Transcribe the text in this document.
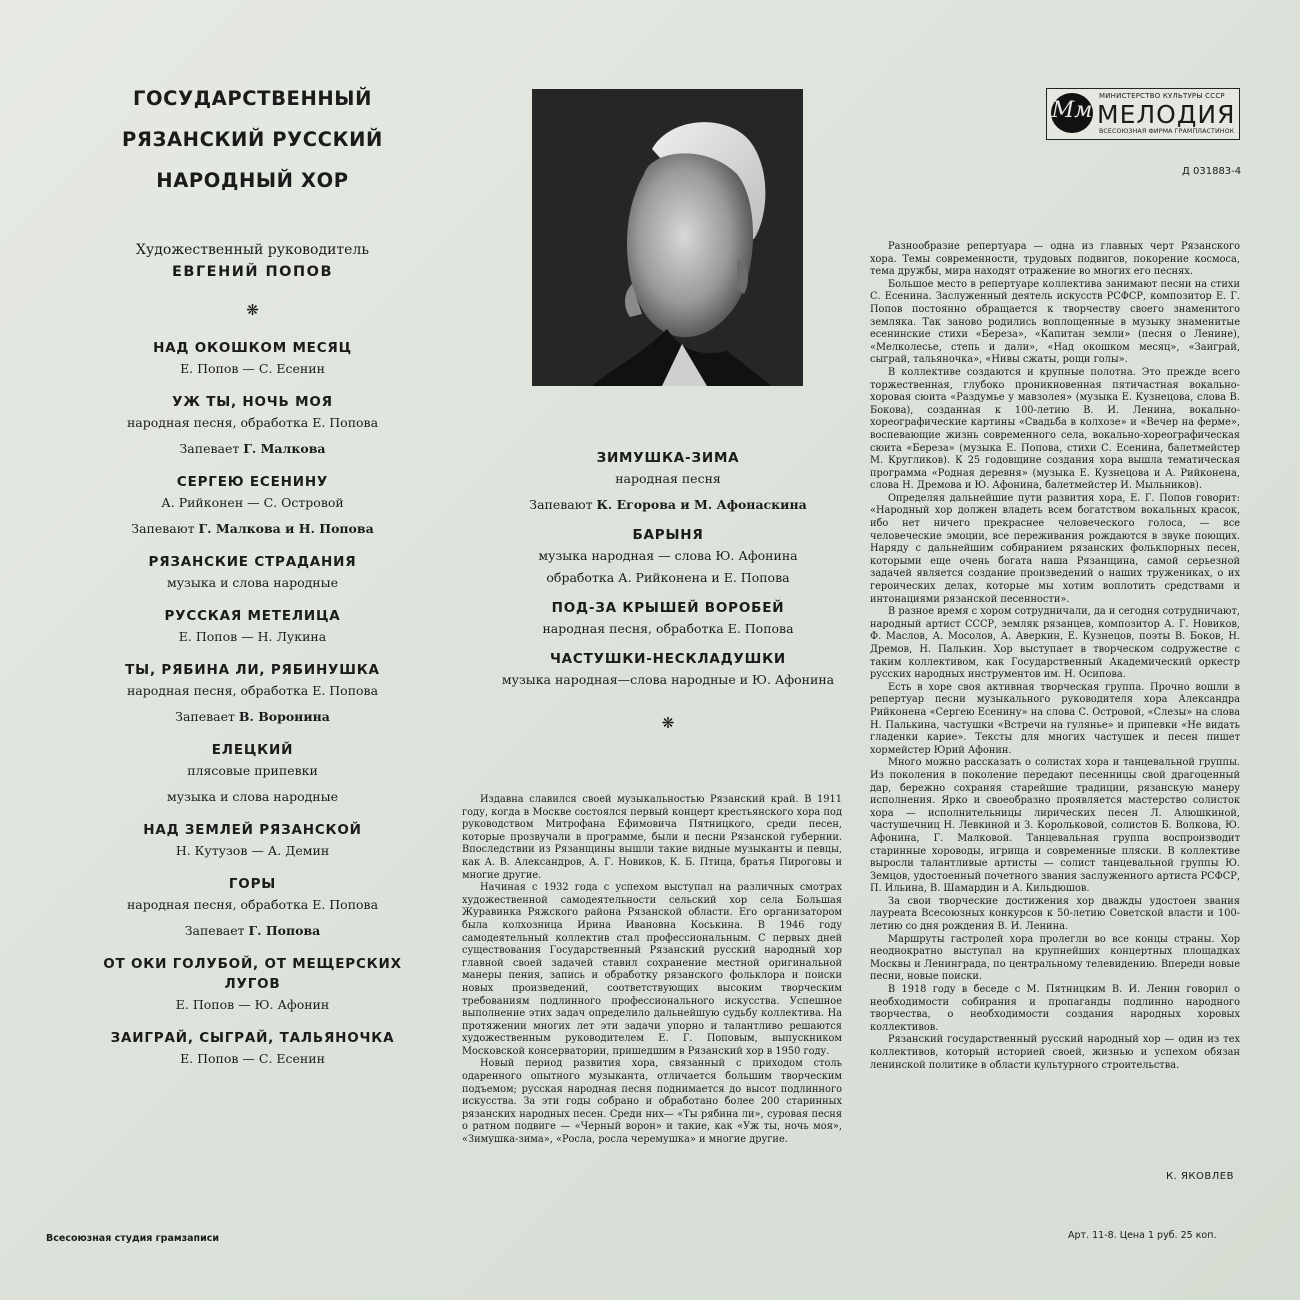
ГОСУДАРСТВЕННЫЙ
РЯЗАНСКИЙ РУССКИЙ
НАРОДНЫЙ ХОР
Художественный руководитель
ЕВГЕНИЙ ПОПОВ
❋
НАД ОКОШКОМ МЕСЯЦ
Е. Попов — С. Есенин
УЖ ТЫ, НОЧЬ МОЯ
народная песня, обработка Е. Попова
Запевает Г. Малкова
СЕРГЕЮ ЕСЕНИНУ
А. Рийконен — С. Островой
Запевают Г. Малкова и Н. Попова
РЯЗАНСКИЕ СТРАДАНИЯ
музыка и слова народные
РУССКАЯ МЕТЕЛИЦА
Е. Попов — Н. Лукина
ТЫ, РЯБИНА ЛИ, РЯБИНУШКА
народная песня, обработка Е. Попова
Запевает В. Воронина
ЕЛЕЦКИЙ
плясовые припевки
музыка и слова народные
НАД ЗЕМЛЕЙ РЯЗАНСКОЙ
Н. Кутузов — А. Демин
ГОРЫ
народная песня, обработка Е. Попова
Запевает Г. Попова
ОТ ОКИ ГОЛУБОЙ, ОТ МЕЩЕРСКИХ ЛУГОВ
Е. Попов — Ю. Афонин
ЗАИГРАЙ, СЫГРАЙ, ТАЛЬЯНОЧКА
Е. Попов — С. Есенин
ЗИМУШКА-ЗИМА
народная песня
Запевают К. Егорова и М. Афонаскина
БАРЫНЯ
музыка народная — слова Ю. Афонина
обработка А. Рийконена и Е. Попова
ПОД-ЗА КРЫШЕЙ ВОРОБЕЙ
народная песня, обработка Е. Попова
ЧАСТУШКИ-НЕСКЛАДУШКИ
музыка народная—слова народные и Ю. Афонина
❋

Издавна славился своей музыкальностью Рязанский край. В 1911 году, когда в Москве состоялся первый концерт крестьянского хора под руководством Митрофана Ефимовича Пятницкого, среди песен, которые прозвучали в программе, были и песни Рязанской губернии. Впоследствии из Рязанщины вышли такие видные музыканты и певцы, как А. В. Александров, А. Г. Новиков, К. Б. Птица, братья Пироговы и многие другие.

Начиная с 1932 года с успехом выступал на различных смотрах художественной самодеятельности сельский хор села Большая Журавинка Ряжского района Рязанской области. Его организатором была колхозница Ирина Ивановна Коськина. В 1946 году самодеятельный коллектив стал профессиональным. С первых дней существования Государственный Рязанский русский народный хор главной своей задачей ставил сохранение местной оригинальной манеры пения, запись и обработку рязанского фольклора и поиски новых произведений, соответствующих высоким творческим требованиям подлинного профессионального искусства. Успешное выполнение этих задач определило дальнейшую судьбу коллектива. На протяжении многих лет эти задачи упорно и талантливо решаются художественным руководителем Е. Г. Поповым, выпускником Московской консерватории, пришедшим в Рязанский хор в 1950 году.

Новый период развития хора, связанный с приходом столь одаренного опытного музыканта, отличается большим творческим подъемом; русская народная песня поднимается до высот подлинного искусства. За эти годы собрано и обработано более 200 старинных рязанских народных песен. Среди них— «Ты рябина ли», суровая песня о ратном подвиге — «Черный ворон» и такие, как «Уж ты, ночь моя», «Зимушка-зима», «Росла, росла черемушка» и многие другие.

Мм
МИНИСТЕРСТВО КУЛЬТУРЫ СССР
МЕЛОДИЯ
ВСЕСОЮЗНАЯ ФИРМА ГРАМПЛАСТИНОК
Д 031883-4

Разнообразие репертуара — одна из главных черт Рязанского хора. Темы современности, трудовых подвигов, покорение космоса, тема дружбы, мира находят отражение во многих его песнях.

Большое место в репертуаре коллектива занимают песни на стихи С. Есенина. Заслуженный деятель искусств РСФСР, композитор Е. Г. Попов постоянно обращается к творчеству своего знаменитого земляка. Так заново родились воплощенные в музыку знаменитые есенинские стихи «Береза», «Капитан земли» (песня о Ленине), «Мелколесье, степь и дали», «Над окошком месяц», «Заиграй, сыграй, тальяночка», «Нивы сжаты, рощи голы».

В коллективе создаются и крупные полотна. Это прежде всего торжественная, глубоко проникновенная пятичастная вокально-хоровая сюита «Раздумье у мавзолея» (музыка Е. Кузнецова, слова В. Бокова), созданная к 100-летию В. И. Ленина, вокально-хореографические картины «Свадьба в колхозе» и «Вечер на ферме», воспевающие жизнь современного села, вокально-хореографическая сюита «Береза» (музыка Е. Попова, стихи С. Есенина, балетмейстер М. Кругликов). К 25 годовщине создания хора вышла тематическая программа «Родная деревня» (музыка Е. Кузнецова и А. Рийконена, слова Н. Дремова и Ю. Афонина, балетмейстер И. Мыльников).

Определяя дальнейшие пути развития хора, Е. Г. Попов говорит: «Народный хор должен владеть всем богатством вокальных красок, ибо нет ничего прекраснее человеческого голоса, — все человеческие эмоции, все переживания рождаются в звуке поющих. Наряду с дальнейшим собиранием рязанских фольклорных песен, которыми еще очень богата наша Рязанщина, самой серьезной задачей является создание произведений о наших тружениках, о их героических делах, которые мы хотим воплотить средствами и интонациями рязанской песенности».

В разное время с хором сотрудничали, да и сегодня сотрудничают, народный артист СССР, земляк рязанцев, композитор А. Г. Новиков, Ф. Маслов, А. Мосолов, А. Аверкин, Е. Кузнецов, поэты В. Боков, Н. Дремов, Н. Палькин. Хор выступает в творческом содружестве с таким коллективом, как Государственный Академический оркестр русских народных инструментов им. Н. Осипова.

Есть в хоре своя активная творческая группа. Прочно вошли в репертуар песни музыкального руководителя хора Александра Рийконена «Сергею Есенину» на слова С. Островой, «Слезы» на слова Н. Палькина, частушки «Встречи на гулянье» и припевки «Не видать гладенки карие». Тексты для многих частушек и песен пишет хормейстер Юрий Афонин.

Много можно рассказать о солистах хора и танцевальной группы. Из поколения в поколение передают песенницы свой драгоценный дар, бережно сохраняя старейшие традиции, рязанскую манеру исполнения. Ярко и своеобразно проявляется мастерство солисток хора — исполнительницы лирических песен Л. Алюшкиной, частушечниц Н. Левкиной и З. Корольковой, солистов Б. Волкова, Ю. Афонина, Г. Малковой. Танцевальная группа воспроизводит старинные хороводы, игрища и современные пляски. В коллективе выросли талантливые артисты — солист танцевальной группы Ю. Земцов, удостоенный почетного звания заслуженного артиста РСФСР, П. Ильина, В. Шамардин и А. Кильдюшов.

За свои творческие достижения хор дважды удостоен звания лауреата Всесоюзных конкурсов к 50-летию Советской власти и 100-летию со дня рождения В. И. Ленина.

Маршруты гастролей хора пролегли во все концы страны. Хор неоднократно выступал на крупнейших концертных площадках Москвы и Ленинграда, по центральному телевидению. Впереди новые песни, новые поиски.

В 1918 году в беседе с М. Пятницким В. И. Ленин говорил о необходимости собирания и пропаганды подлинно народного творчества, о необходимости создания народных хоровых коллективов.

Рязанский государственный русский народный хор — один из тех коллективов, который историей своей, жизнью и успехом обязан ленинской политике в области культурного строительства.

К. ЯКОВЛЕВ
Всесоюзная студия грамзаписи	Арт. 11-8. Цена 1 руб. 25 коп.
